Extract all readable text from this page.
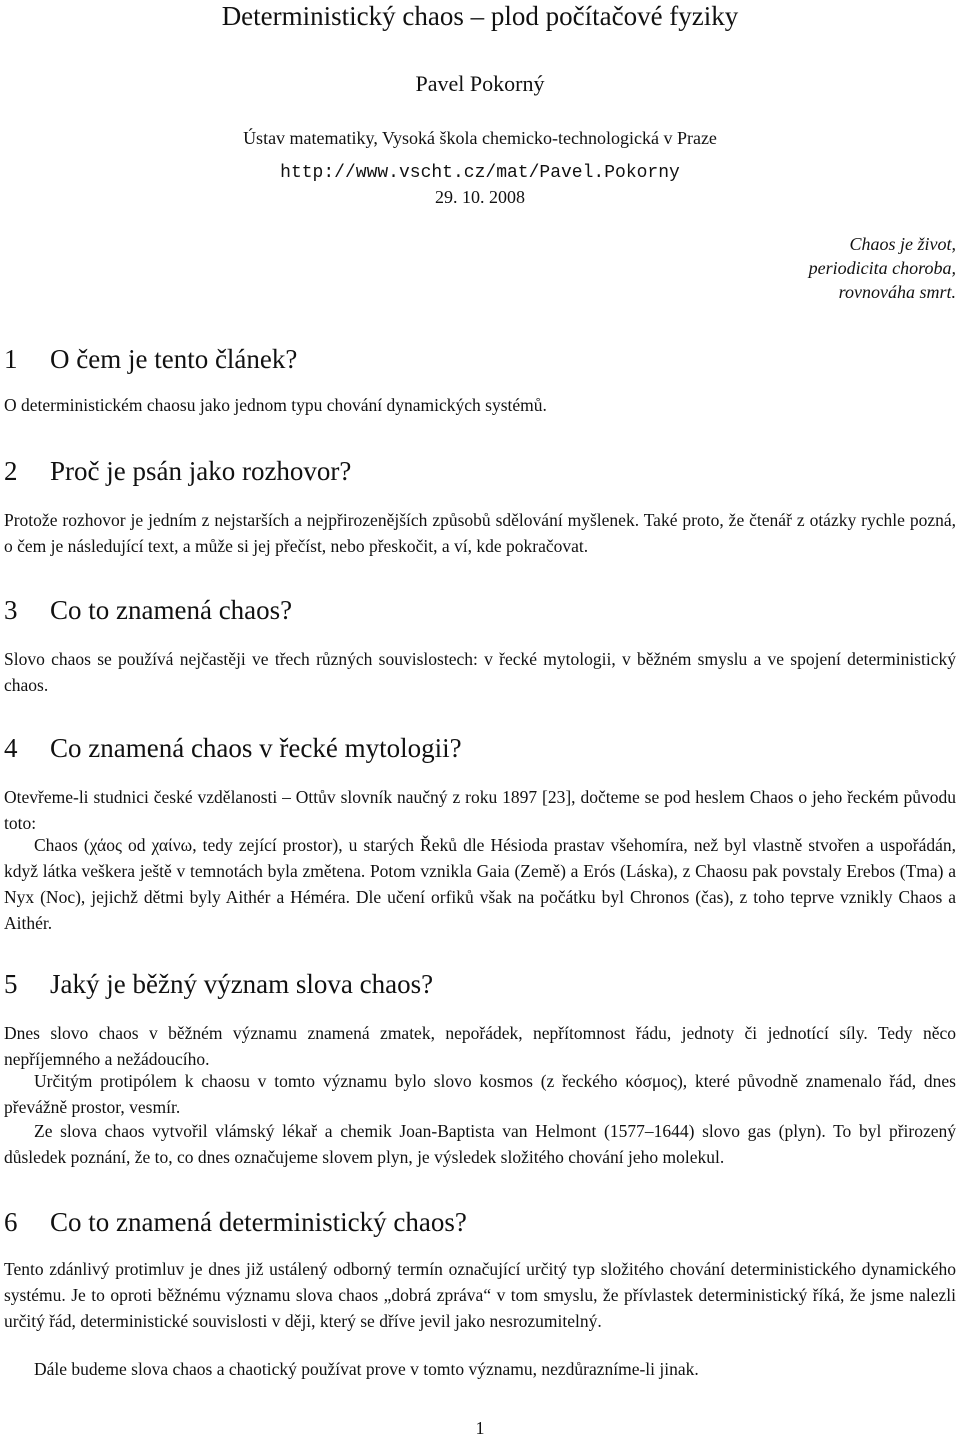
Deterministický chaos – plod počítačové fyziky
Pavel Pokorný
Ústav matematiky, Vysoká škola chemicko-technologická v Praze
http://www.vscht.cz/mat/Pavel.Pokorny
29. 10. 2008
Chaos je život,
periodicita choroba,
rovnováha smrt.
1 O čem je tento článek?

O deterministickém chaosu jako jednom typu chování dynamických systémů.

2 Proč je psán jako rozhovor?

Protože rozhovor je jedním z nejstarších a nejpřirozenějších způsobů sdělování myšlenek. Také proto, že čtenář z otázky rychle pozná, o čem je následující text, a může si jej přečíst, nebo přeskočit, a ví, kde pokračovat.

3 Co to znamená chaos?

Slovo chaos se používá nejčastěji ve třech různých souvislostech: v řecké mytologii, v běžném smyslu a ve spojení deterministický chaos.

4 Co znamená chaos v řecké mytologii?

Otevřeme-li studnici české vzdělanosti – Ottův slovník naučný z roku 1897 [23], dočteme se pod heslem Chaos o jeho řeckém původu toto:

Chaos (χάος od χαίνω, tedy zející prostor), u starých Řeků dle Hésioda prastav všehomíra, než byl vlastně stvořen a uspořádán, když látka veškera ještě v temnotách byla změtena. Potom vznikla Gaia (Země) a Erós (Láska), z Chaosu pak povstaly Erebos (Tma) a Nyx (Noc), jejichž dětmi byly Aithér a Héméra. Dle učení orfiků však na počátku byl Chronos (čas), z toho teprve vznikly Chaos a Aithér.

5 Jaký je běžný význam slova chaos?

Dnes slovo chaos v běžném významu znamená zmatek, nepořádek, nepřítomnost řádu, jednoty či jednotící síly. Tedy něco nepříjemného a nežádoucího.

Určitým protipólem k chaosu v tomto významu bylo slovo kosmos (z řeckého κόσμος), které původně znamenalo řád, dnes převážně prostor, vesmír.

Ze slova chaos vytvořil vlámský lékař a chemik Joan-Baptista van Helmont (1577–1644) slovo gas (plyn). To byl přirozený důsledek poznání, že to, co dnes označujeme slovem plyn, je výsledek složitého chování jeho molekul.

6 Co to znamená deterministický chaos?

Tento zdánlivý protimluv je dnes již ustálený odborný termín označující určitý typ složitého chování deterministického dynamického systému. Je to oproti běžnému významu slova chaos „dobrá zpráva“ v tom smyslu, že přívlastek deterministický říká, že jsme nalezli určitý řád, deterministické souvislosti v ději, který se dříve jevil jako nesrozumitelný.

Dále budeme slova chaos a chaotický používat prove v tomto významu, nezdůrazníme-li jinak.

1
